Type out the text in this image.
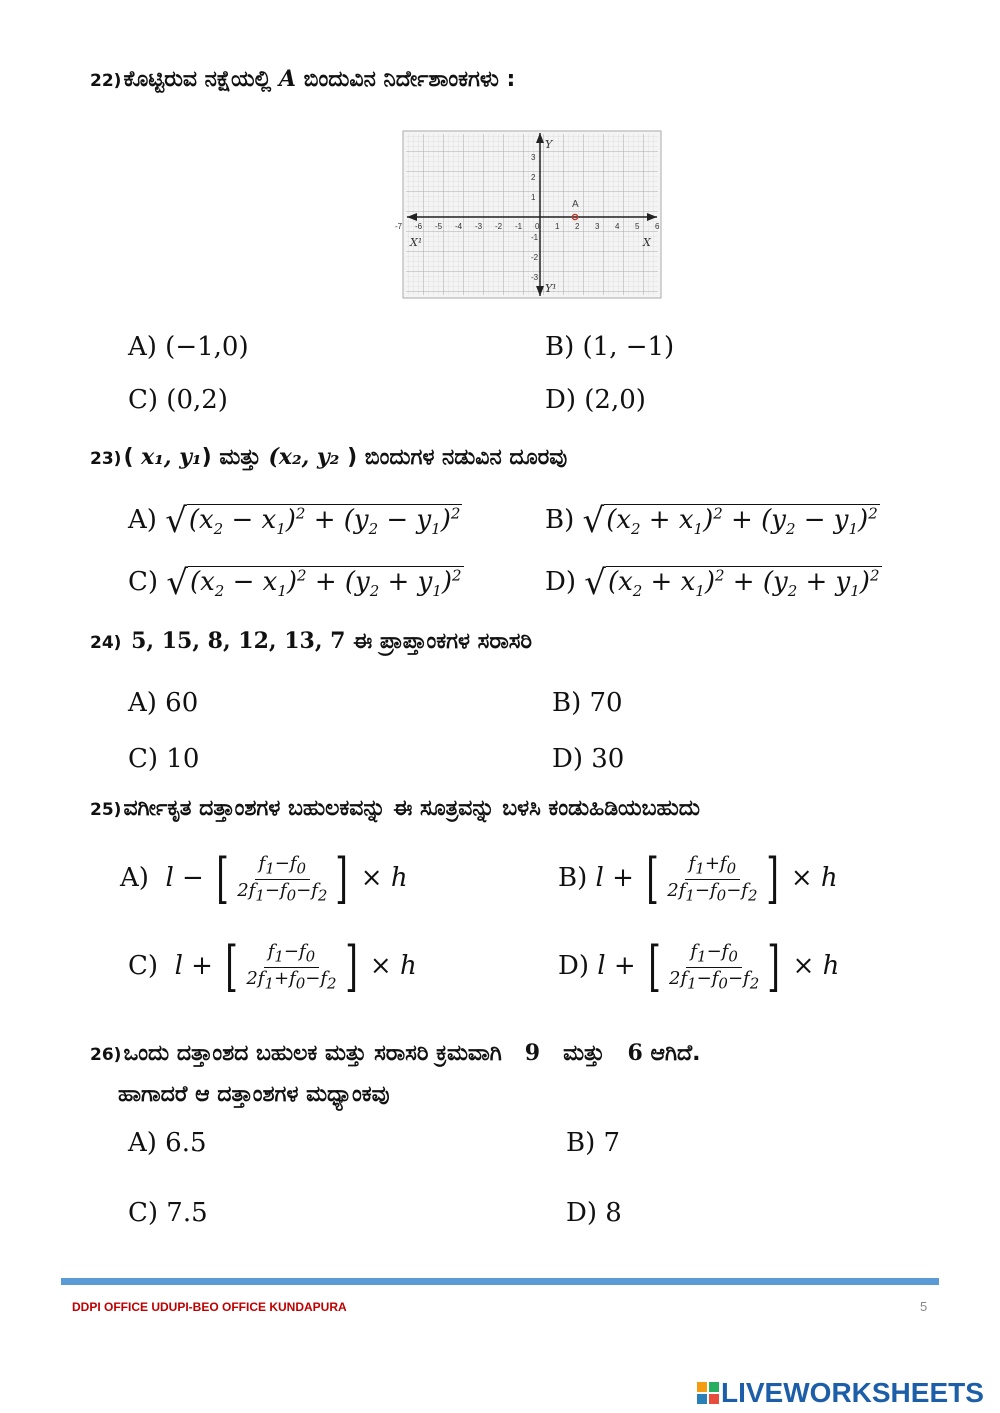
22)ಕೊಟ್ಟಿರುವ ನಕ್ಷೆಯಲ್ಲಿ A ಬಿಂದುವಿನ ನಿರ್ದೇಶಾಂಕಗಳು :
-7 -6 -5 -4 -3 -2 -1 0 1 2 3 4 5 6
3
2
1
-1
-2
-3
X¹	X
Y
Y¹
A
A) (−1,0)	B) (1, −1)
C) (0,2)	D) (2,0)
23)( x₁, y₁) ಮತ್ತು (x₂, y₂ ) ಬಿಂದುಗಳ ನಡುವಿನ ದೂರವು
A) $√(x_2 - x_1)^2 + (y_2 - y_1)^2$	B) $√(x_2 + x_1)^2 + (y_2 - y_1)^2$
C) $√(x_2 - x_1)^2 + (y_2 + y_1)^2$	D) $√(x_2 + x_1)^2 + (y_2 + y_1)^2$
24) 5, 15, 8, 12, 13, 7 ಈ ಪ್ರಾಪ್ತಾಂಕಗಳ ಸರಾಸರಿ
A) 60	B) 70
C) 10	D) 30
25)ವರ್ಗೀಕೃತ ದತ್ತಾಂಶಗಳ ಬಹುಲಕವನ್ನು ಈ ಸೂತ್ರವನ್ನು ಬಳಸಿ ಕಂಡುಹಿಡಿಯಬಹುದು
A)  l − [ $\frac{f_1-f_0}{2f_1-f_0-f_2}$ ] × h	B) l + [ $\frac{f_1+f_0}{2f_1-f_0-f_2}$ ] × h
C)  l + [ $\frac{f_1-f_0}{2f_1+f_0-f_2}$ ] × h	D) l + [ $\frac{f_1-f_0}{2f_1-f_0-f_2}$ ] × h
26)ಒಂದು ದತ್ತಾಂಶದ ಬಹುಲಕ ಮತ್ತು ಸರಾಸರಿ ಕ್ರಮವಾಗಿ 9 ಮತ್ತು 6 ಆಗಿದೆ.
ಹಾಗಾದರೆ ಆ ದತ್ತಾಂಶಗಳ ಮಧ್ಯಾಂಕವು
A) 6.5	B) 7
C) 7.5	D) 8
DDPI OFFICE UDUPI-BEO OFFICE KUNDAPURA	5
LIVEWORKSHEETS
